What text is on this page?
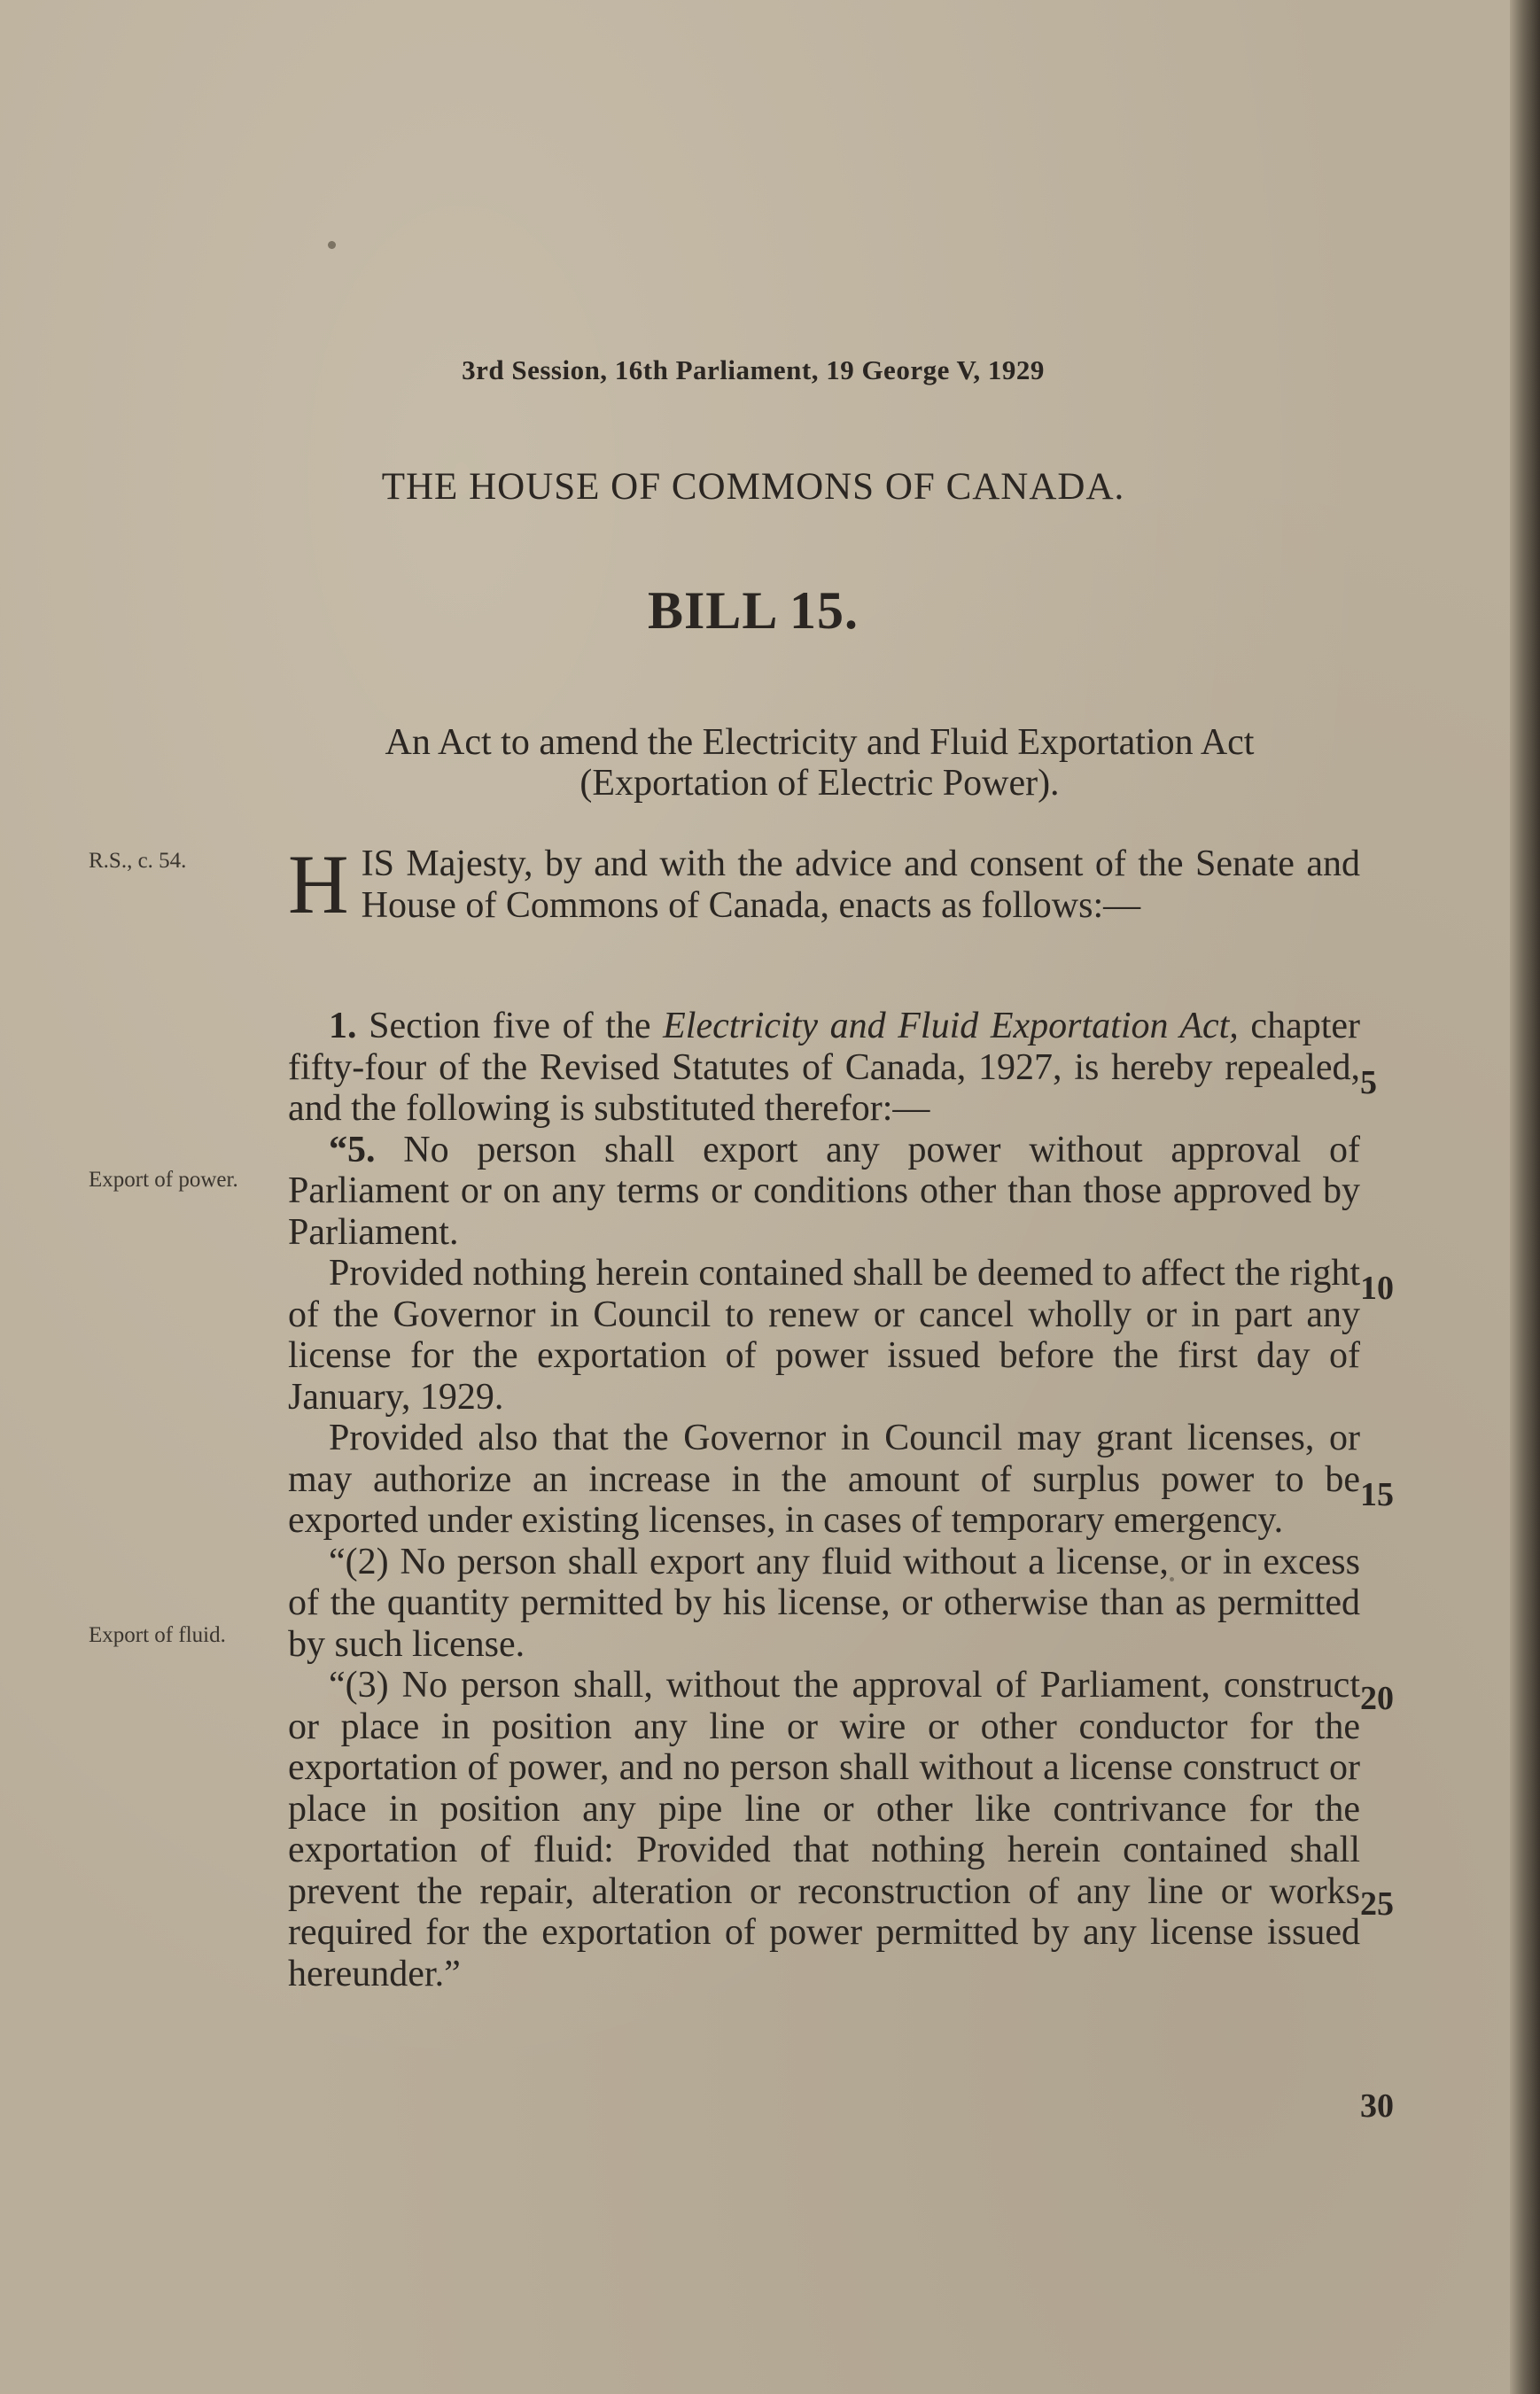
3rd Session, 16th Parliament, 19 George V, 1929
THE HOUSE OF COMMONS OF CANADA.
BILL 15.
An Act to amend the Electricity and Fluid Exportation Act
(Exportation of Electric Power).
R.S., c. 54.
Export of power.
Export of fluid.
HIS Majesty, by and with the advice and consent of the Senate and House of Commons of Canada, enacts as follows:—

1. Section five of the Electricity and Fluid Exportation Act, chapter fifty-four of the Revised Statutes of Canada, 1927, is hereby repealed, and the following is substituted therefor:—

“5. No person shall export any power without approval of Parliament or on any terms or conditions other than those approved by Parliament.

Provided nothing herein contained shall be deemed to affect the right of the Governor in Council to renew or cancel wholly or in part any license for the exportation of power issued before the first day of January, 1929.

Provided also that the Governor in Council may grant licenses, or may authorize an increase in the amount of surplus power to be exported under existing licenses, in cases of temporary emergency.

“(2) No person shall export any fluid without a license, or in excess of the quantity permitted by his license, or otherwise than as permitted by such license.

“(3) No person shall, without the approval of Parliament, construct or place in position any line or wire or other conductor for the exportation of power, and no person shall without a license construct or place in position any pipe line or other like contrivance for the exportation of fluid: Provided that nothing herein contained shall prevent the repair, alteration or reconstruction of any line or works required for the exportation of power permitted by any license issued hereunder.”

5
10
15
20
25
30
